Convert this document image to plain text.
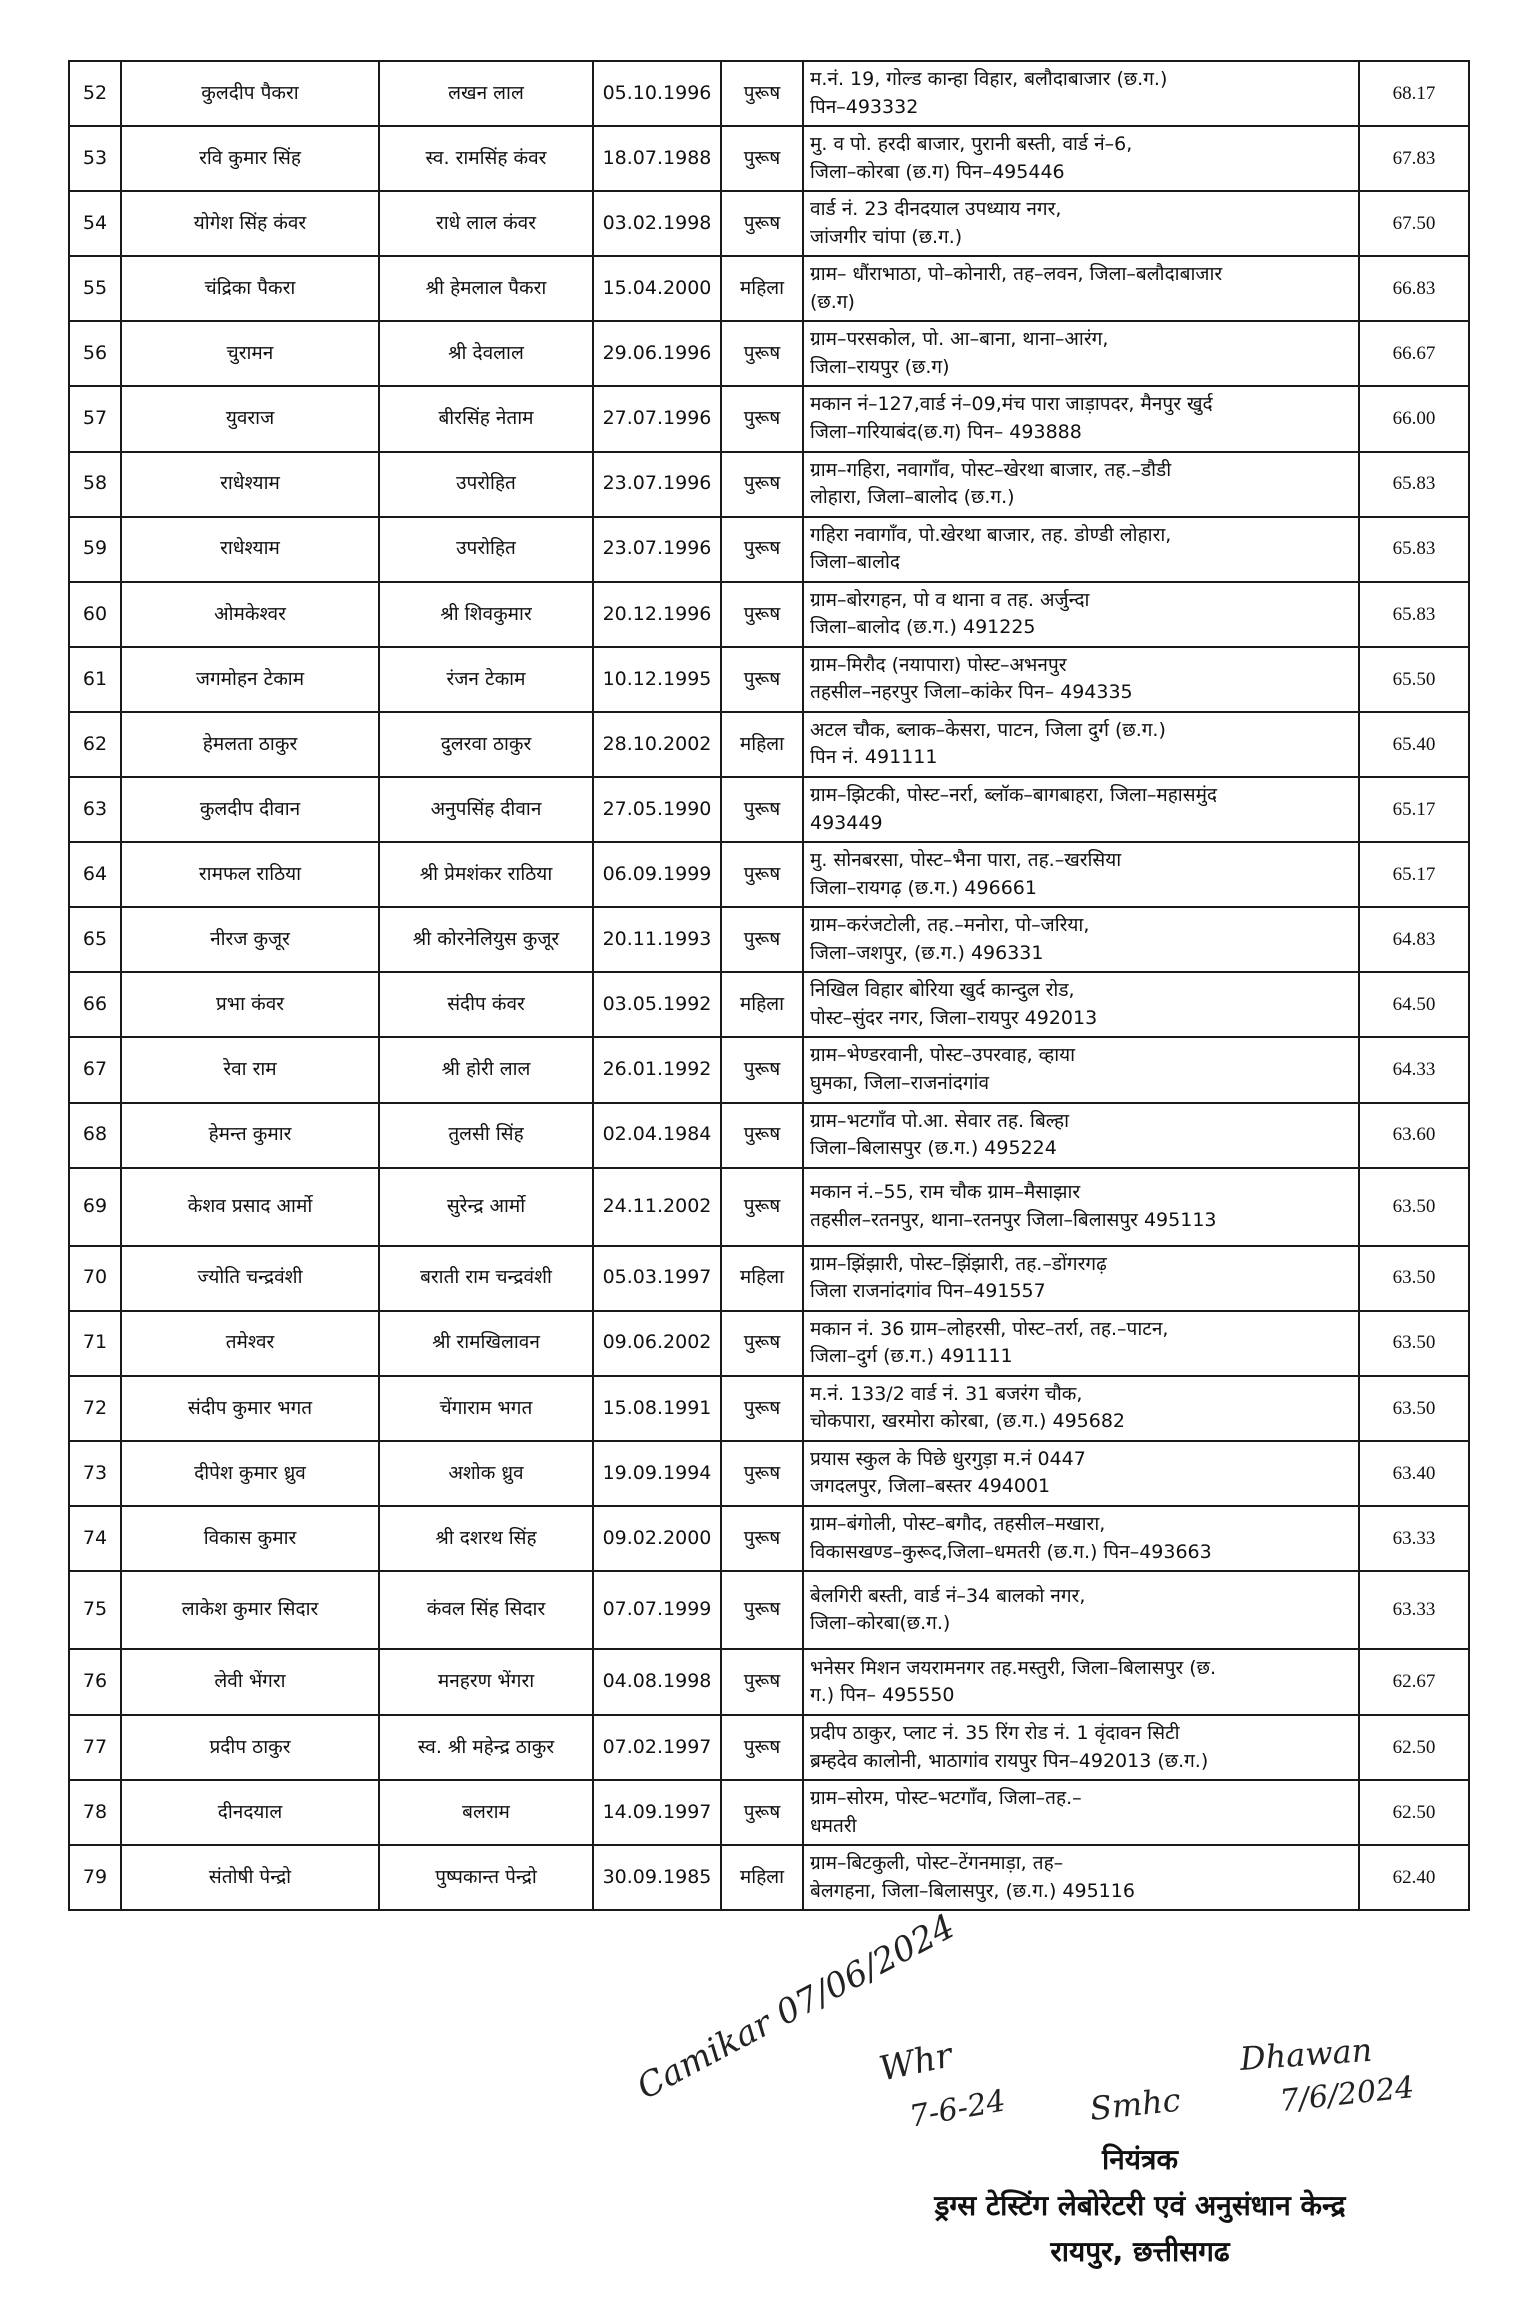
52	कुलदीप पैकरा	लखन लाल	05.10.1996	पुरूष	म.नं. 19, गोल्ड कान्हा विहार, बलौदाबाजार (छ.ग.)
पिन–493332	68.17
53	रवि कुमार सिंह	स्व. रामसिंह कंवर	18.07.1988	पुरूष	मु. व पो. हरदी बाजार, पुरानी बस्ती, वार्ड नं–6,
जिला–कोरबा (छ.ग) पिन–495446	67.83
54	योगेश सिंह कंवर	राधे लाल कंवर	03.02.1998	पुरूष	वार्ड नं. 23 दीनदयाल उपध्याय नगर,
जांजगीर चांपा (छ.ग.)	67.50
55	चंद्रिका पैकरा	श्री हेमलाल पैकरा	15.04.2000	महिला	ग्राम– धौंराभाठा, पो–कोनारी, तह–लवन, जिला–बलौदाबाजार
(छ.ग)	66.83
56	चुरामन	श्री देवलाल	29.06.1996	पुरूष	ग्राम–परसकोल, पो. आ–बाना, थाना–आरंग,
जिला–रायपुर (छ.ग)	66.67
57	युवराज	बीरसिंह नेताम	27.07.1996	पुरूष	मकान नं–127,वार्ड नं–09,मंच पारा जाड़ापदर, मैनपुर खुर्द
जिला–गरियाबंद(छ.ग) पिन– 493888	66.00
58	राधेश्याम	उपरोहित	23.07.1996	पुरूष	ग्राम–गहिरा, नवागाँव, पोस्ट–खेरथा बाजार, तह.–डौडी
लोहारा, जिला–बालोद (छ.ग.)	65.83
59	राधेश्याम	उपरोहित	23.07.1996	पुरूष	गहिरा नवागाँव, पो.खेरथा बाजार, तह. डोण्डी लोहारा,
जिला–बालोद	65.83
60	ओमकेश्वर	श्री शिवकुमार	20.12.1996	पुरूष	ग्राम–बोरगहन, पो व थाना व तह. अर्जुन्दा
जिला–बालोद (छ.ग.) 491225	65.83
61	जगमोहन टेकाम	रंजन टेकाम	10.12.1995	पुरूष	ग्राम–मिरौद (नयापारा) पोस्ट–अभनपुर
तहसील–नहरपुर जिला–कांकेर पिन– 494335	65.50
62	हेमलता ठाकुर	दुलरवा ठाकुर	28.10.2002	महिला	अटल चौक, ब्लाक–केसरा, पाटन, जिला दुर्ग (छ.ग.)
पिन नं. 491111	65.40
63	कुलदीप दीवान	अनुपसिंह दीवान	27.05.1990	पुरूष	ग्राम–झिटकी, पोस्ट–नर्रा, ब्लॉक–बागबाहरा, जिला–महासमुंद
493449	65.17
64	रामफल राठिया	श्री प्रेमशंकर राठिया	06.09.1999	पुरूष	मु. सोनबरसा, पोस्ट–भैना पारा, तह.–खरसिया
जिला–रायगढ़ (छ.ग.) 496661	65.17
65	नीरज कुजूर	श्री कोरनेलियुस कुजूर	20.11.1993	पुरूष	ग्राम–करंजटोली, तह.–मनोरा, पो–जरिया,
जिला–जशपुर, (छ.ग.) 496331	64.83
66	प्रभा कंवर	संदीप कंवर	03.05.1992	महिला	निखिल विहार बोरिया खुर्द कान्दुल रोड,
पोस्ट–सुंदर नगर, जिला–रायपुर 492013	64.50
67	रेवा राम	श्री होरी लाल	26.01.1992	पुरूष	ग्राम–भेण्डरवानी, पोस्ट–उपरवाह, व्हाया
घुमका, जिला–राजनांदगांव	64.33
68	हेमन्त कुमार	तुलसी सिंह	02.04.1984	पुरूष	ग्राम–भटगाँव पो.आ. सेवार तह. बिल्हा
जिला–बिलासपुर (छ.ग.) 495224	63.60
69	केशव प्रसाद आर्मो	सुरेन्द्र आर्मो	24.11.2002	पुरूष	मकान नं.–55, राम चौक ग्राम–मैसाझार
तहसील–रतनपुर, थाना–रतनपुर जिला–बिलासपुर 495113	63.50
70	ज्योति चन्द्रवंशी	बराती राम चन्द्रवंशी	05.03.1997	महिला	ग्राम–झिंझारी, पोस्ट–झिंझारी, तह.–डोंगरगढ़
जिला राजनांदगांव पिन–491557	63.50
71	तमेश्वर	श्री रामखिलावन	09.06.2002	पुरूष	मकान नं. 36 ग्राम–लोहरसी, पोस्ट–तर्रा, तह.–पाटन,
जिला–दुर्ग (छ.ग.) 491111	63.50
72	संदीप कुमार भगत	चेंगाराम भगत	15.08.1991	पुरूष	म.नं. 133/2 वार्ड नं. 31 बजरंग चौक,
चोकपारा, खरमोरा कोरबा, (छ.ग.) 495682	63.50
73	दीपेश कुमार ध्रुव	अशोक ध्रुव	19.09.1994	पुरूष	प्रयास स्कुल के पिछे धुरगुड़ा म.नं 0447
जगदलपुर, जिला–बस्तर 494001	63.40
74	विकास कुमार	श्री दशरथ सिंह	09.02.2000	पुरूष	ग्राम–बंगोली, पोस्ट–बगौद, तहसील–मखारा,
विकासखण्ड–कुरूद,जिला–धमतरी (छ.ग.) पिन–493663	63.33
75	लाकेश कुमार सिदार	कंवल सिंह सिदार	07.07.1999	पुरूष	बेलगिरी बस्ती, वार्ड नं–34 बालको नगर,
जिला–कोरबा(छ.ग.)	63.33
76	लेवी भेंगरा	मनहरण भेंगरा	04.08.1998	पुरूष	भनेसर मिशन जयरामनगर तह.मस्तुरी, जिला–बिलासपुर (छ.
ग.) पिन– 495550	62.67
77	प्रदीप ठाकुर	स्व. श्री महेन्द्र ठाकुर	07.02.1997	पुरूष	प्रदीप ठाकुर, प्लाट नं. 35 रिंग रोड नं. 1 वृंदावन सिटी
ब्रम्हदेव कालोनी, भाठागांव रायपुर पिन–492013 (छ.ग.)	62.50
78	दीनदयाल	बलराम	14.09.1997	पुरूष	ग्राम–सोरम, पोस्ट–भटगाँव, जिला–तह.–
धमतरी	62.50
79	संतोषी पेन्द्रो	पुष्पकान्त पेन्द्रो	30.09.1985	महिला	ग्राम–बिटकुली, पोस्ट–टेंगनमाड़ा, तह–
बेलगहना, जिला–बिलासपुर, (छ.ग.) 495116	62.40
Camikar 07/06/2024
Whr
7-6-24 Smhc
Dhawan
7/6/2024
नियंत्रक
ड्रग्स टेस्टिंग लेबोरेटरी एवं अनुसंधान केन्द्र
रायपुर, छत्तीसगढ
